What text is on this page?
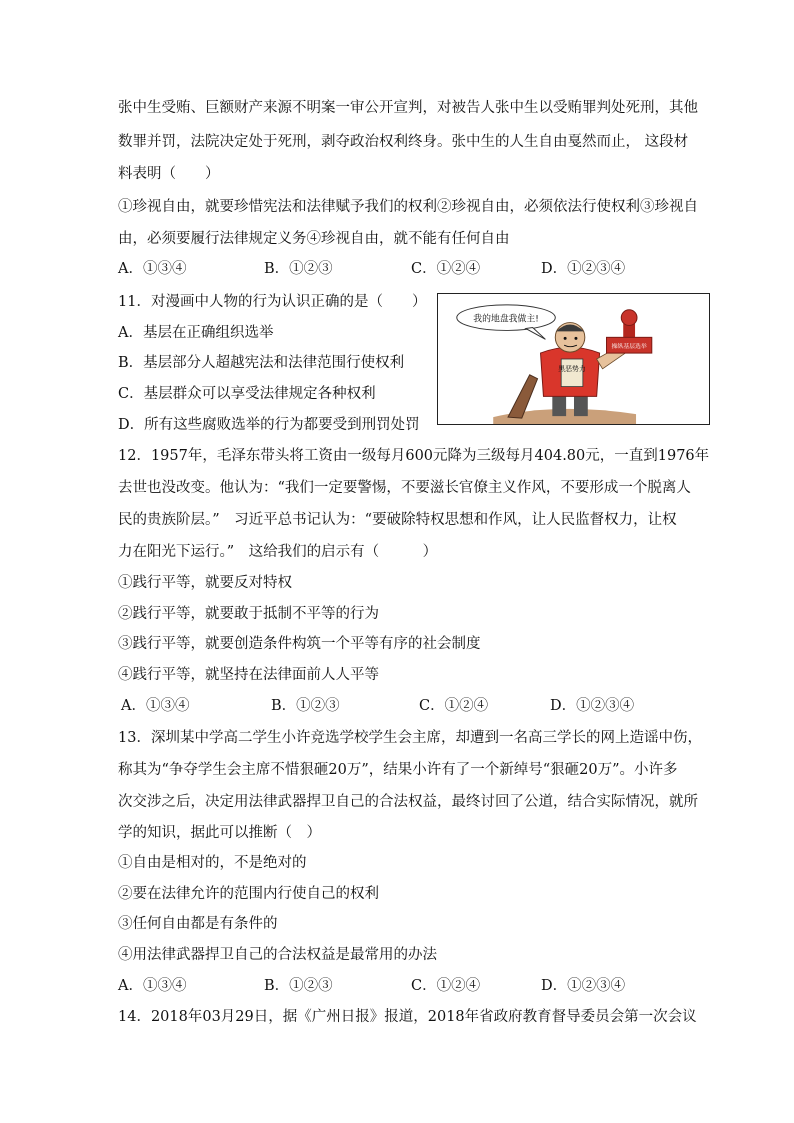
张中生受贿、巨额财产来源不明案一审公开宣判，对被告人张中生以受贿罪判处死刑，其他
数罪并罚，法院决定处于死刑，剥夺政治权利终身。张中生的人生自由戛然而止， 这段材
料表明（　　）
①珍视自由，就要珍惜宪法和法律赋予我们的权利②珍视自由，必须依法行使权利③珍视自
由，必须要履行法律规定义务④珍视自由，就不能有任何自由
A．①③④	B．①②③	C．①②④	D．①②③④
11．对漫画中人物的行为认识正确的是（　　）
A．基层在正确组织选举
B．基层部分人超越宪法和法律范围行使权利
C．基层群众可以享受法律规定各种权利
D．所有这些腐败选举的行为都要受到刑罚处罚
我的地盘我做主!
黑恶势力
操纵基层选举
12．1957年，毛泽东带头将工资由一级每月600元降为三级每月404.80元，一直到1976年
去世也没改变。他认为：“我们一定要警惕，不要滋长官僚主义作风，不要形成一个脱离人
民的贵族阶层。”　习近平总书记认为：“要破除特权思想和作风，让人民监督权力，让权
力在阳光下运行。”　这给我们的启示有（　　　）
①践行平等，就要反对特权
②践行平等，就要敢于抵制不平等的行为
③践行平等，就要创造条件构筑一个平等有序的社会制度
④践行平等，就坚持在法律面前人人平等
A．①③④	B．①②③	C．①②④	D．①②③④
13．深圳某中学高二学生小许竞选学校学生会主席，却遭到一名高三学长的网上造谣中伤，
称其为“争夺学生会主席不惜狠砸20万”，结果小许有了一个新绰号“狠砸20万”。小许多
次交涉之后，决定用法律武器捍卫自己的合法权益，最终讨回了公道，结合实际情况，就所
学的知识，据此可以推断（　）
①自由是相对的，不是绝对的
②要在法律允许的范围内行使自己的权利
③任何自由都是有条件的
④用法律武器捍卫自己的合法权益是最常用的办法
A．①③④	B．①②③	C．①②④	D．①②③④
14．2018年03月29日，据《广州日报》报道，2018年省政府教育督导委员会第一次会议
